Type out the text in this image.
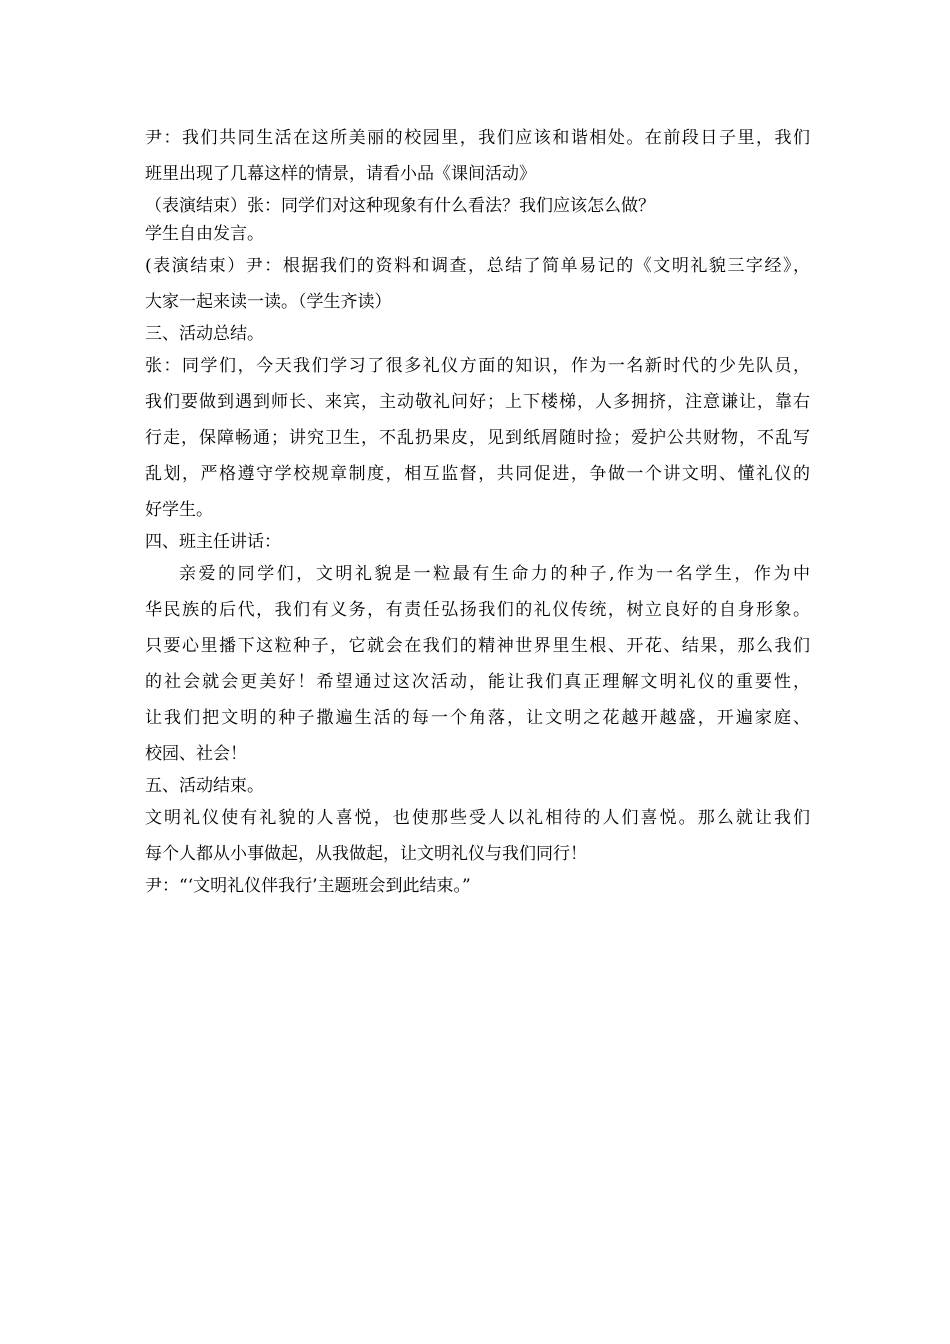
尹：我们共同生活在这所美丽的校园里，我们应该和谐相处。在前段日子里，我们
班里出现了几幕这样的情景，请看小品《课间活动》
（表演结束）张：同学们对这种现象有什么看法？我们应该怎么做？
学生自由发言。
(表演结束）尹：根据我们的资料和调查，总结了简单易记的《文明礼貌三字经》，
大家一起来读一读。（学生齐读）
三、活动总结。
张：同学们，今天我们学习了很多礼仪方面的知识，作为一名新时代的少先队员，
我们要做到遇到师长、来宾，主动敬礼问好；上下楼梯，人多拥挤，注意谦让，靠右
行走，保障畅通；讲究卫生，不乱扔果皮，见到纸屑随时捡；爱护公共财物，不乱写
乱划，严格遵守学校规章制度，相互监督，共同促进，争做一个讲文明、懂礼仪的
好学生。
四、班主任讲话：
亲爱的同学们，文明礼貌是一粒最有生命力的种子,作为一名学生，作为中
华民族的后代，我们有义务，有责任弘扬我们的礼仪传统，树立良好的自身形象。
只要心里播下这粒种子，它就会在我们的精神世界里生根、开花、结果，那么我们
的社会就会更美好！希望通过这次活动，能让我们真正理解文明礼仪的重要性，
让我们把文明的种子撒遍生活的每一个角落，让文明之花越开越盛，开遍家庭、
校园、社会！
五、活动结束。
文明礼仪使有礼貌的人喜悦，也使那些受人以礼相待的人们喜悦。那么就让我们
每个人都从小事做起，从我做起，让文明礼仪与我们同行！
尹：“‘文明礼仪伴我行’主题班会到此结束。”
